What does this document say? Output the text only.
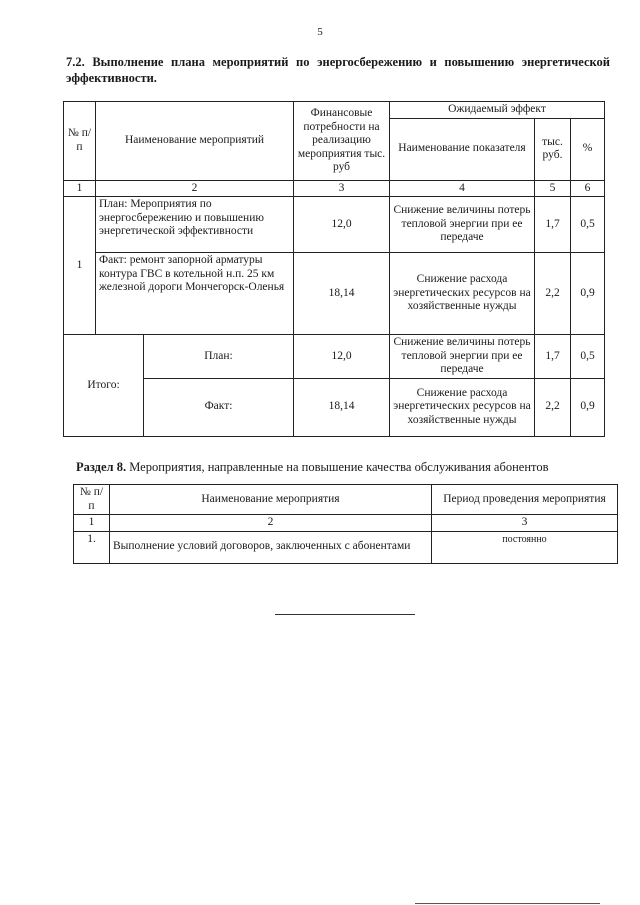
5
7.2. Выполнение плана мероприятий по энергосбережению и повышению энергетической эффективности.
№ п/п	Наименование мероприятий		Финансовые потребности на реализацию мероприятия тыс. руб	Ожидаемый эффект		
				Наименование показателя	тыс. руб.	%
1	2		3	4	5	6
1	План: Мероприятия по энергосбережению и повышению энергетической эффективности		12,0	Снижение величины потерь тепловой энергии при ее передаче	1,7	0,5
	Факт: ремонт запорной арматуры контура ГВС в котельной н.п. 25 км железной дороги Мончегорск-Оленья		18,14	Снижение расхода энергетических ресурсов на хозяйственные нужды	2,2	0,9
Итого:		План:	12,0	Снижение величины потерь тепловой энергии при ее передаче	1,7	0,5
		Факт:	18,14	Снижение расхода энергетических ресурсов на хозяйственные нужды	2,2	0,9
Раздел 8. Мероприятия, направленные на повышение качества обслуживания абонентов
№ п/п	Наименование мероприятия	Период проведения мероприятия
1	2	3
1.	Выполнение условий договоров, заключенных с абонентами	постоянно
